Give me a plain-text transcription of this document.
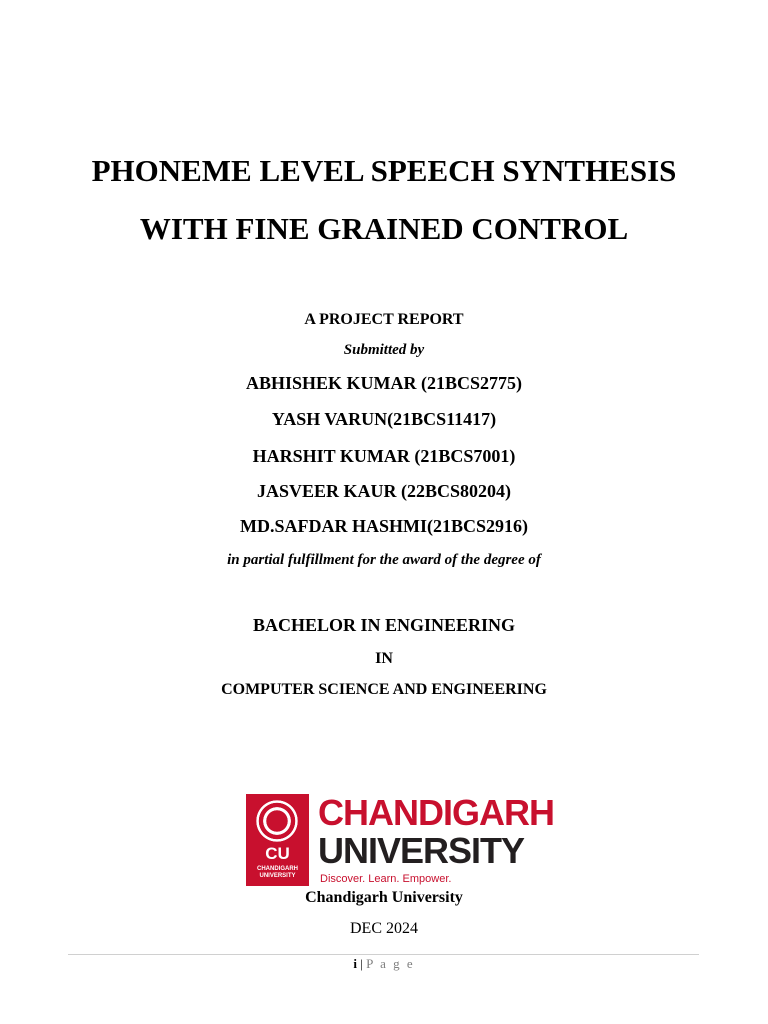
PHONEME LEVEL SPEECH SYNTHESIS
WITH FINE GRAINED CONTROL
A PROJECT REPORT
Submitted by
ABHISHEK KUMAR (21BCS2775)
YASH VARUN(21BCS11417)
HARSHIT KUMAR (21BCS7001)
JASVEER KAUR (22BCS80204)
MD.SAFDAR HASHMI(21BCS2916)
in partial fulfillment for the award of the degree of
BACHELOR IN ENGINEERING
IN
COMPUTER SCIENCE AND ENGINEERING
CU
CHANDIGARH UNIVERSITY
CHANDIGARH
UNIVERSITY
Discover. Learn. Empower.
Chandigarh University
DEC 2024
i | P a g e
